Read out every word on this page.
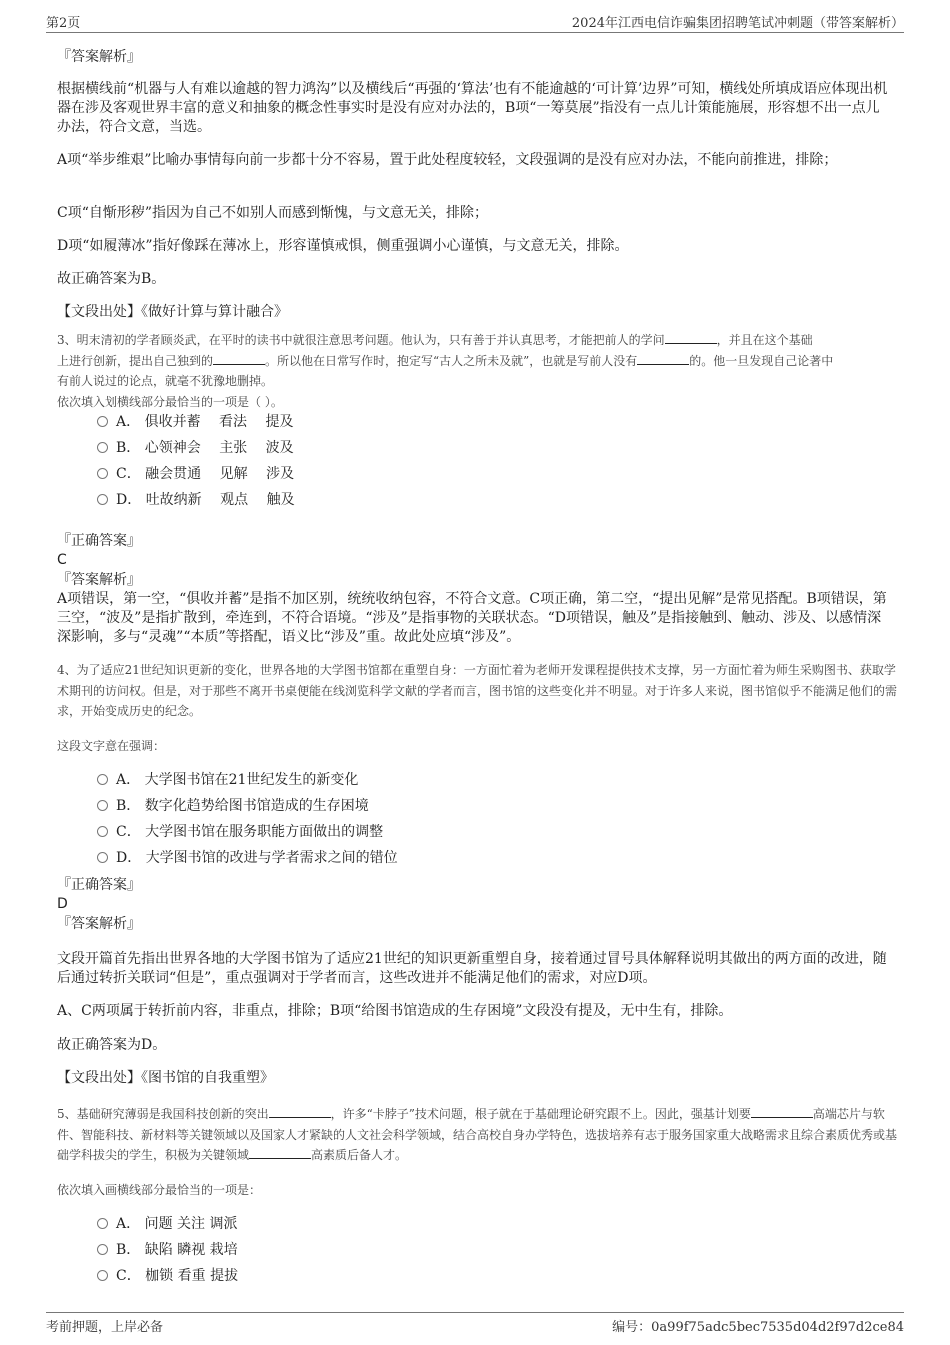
第2页	2024年江西电信诈骗集团招聘笔试冲刺题（带答案解析）
『答案解析』
根据横线前“机器与人有难以逾越的智力鸿沟”以及横线后“再强的‘算法’也有不能逾越的‘可计算’边界”可知，横线处所填成语应体现出机器在涉及客观世界丰富的意义和抽象的概念性事实时是没有应对办法的，B项“一筹莫展”指没有一点儿计策能施展，形容想不出一点儿办法，符合文意，当选。
A项“举步维艰”比喻办事情每向前一步都十分不容易，置于此处程度较轻，文段强调的是没有应对办法，不能向前推进，排除；
C项“自惭形秽”指因为自己不如别人而感到惭愧，与文意无关，排除；
D项“如履薄冰”指好像踩在薄冰上，形容谨慎戒惧，侧重强调小心谨慎，与文意无关，排除。
故正确答案为B。
【文段出处】《做好计算与算计融合》
3、明末清初的学者顾炎武，在平时的读书中就很注意思考问题。他认为，只有善于并认真思考，才能把前人的学问	，并且在这个基础
上进行创新，提出自己独到的	。所以他在日常写作时，抱定写“古人之所未及就”，也就是写前人没有	的。他一旦发现自己论著中
有前人说过的论点，就毫不犹豫地删掉。
依次填入划横线部分最恰当的一项是（ ）。
A． 俱收并蓄　 看法　 提及
B． 心领神会　 主张　 波及
C． 融会贯通　 见解　 涉及
D． 吐故纳新　 观点　 触及
『正确答案』
C
『答案解析』
A项错误，第一空，“俱收并蓄”是指不加区别，统统收纳包容，不符合文意。C项正确，第二空，“提出见解”是常见搭配。B项错误，第三空，“波及”是指扩散到，牵连到，不符合语境。“涉及”是指事物的关联状态。“D项错误，触及”是指接触到、触动、涉及、以感情深深影响，多与“灵魂”“本质”等搭配，语义比“涉及”重。故此处应填“涉及”。
4、为了适应21世纪知识更新的变化，世界各地的大学图书馆都在重塑自身：一方面忙着为老师开发课程提供技术支撑，另一方面忙着为师生采购图书、获取学术期刊的访问权。但是，对于那些不离开书桌便能在线浏览科学文献的学者而言，图书馆的这些变化并不明显。对于许多人来说，图书馆似乎不能满足他们的需求，开始变成历史的纪念。
这段文字意在强调：
A． 大学图书馆在21世纪发生的新变化
B． 数字化趋势给图书馆造成的生存困境
C． 大学图书馆在服务职能方面做出的调整
D． 大学图书馆的改进与学者需求之间的错位
『正确答案』
D
『答案解析』
文段开篇首先指出世界各地的大学图书馆为了适应21世纪的知识更新重塑自身，接着通过冒号具体解释说明其做出的两方面的改进，随后通过转折关联词“但是”，重点强调对于学者而言，这些改进并不能满足他们的需求，对应D项。
A、C两项属于转折前内容，非重点，排除；B项“给图书馆造成的生存困境”文段没有提及，无中生有，排除。
故正确答案为D。
【文段出处】《图书馆的自我重塑》
5、基础研究薄弱是我国科技创新的突出	，许多“卡脖子”技术问题，根子就在于基础理论研究跟不上。因此，强基计划要	高端芯片与软件、智能科技、新材料等关键领域以及国家人才紧缺的人文社会科学领域，结合高校自身办学特色，选拔培养有志于服务国家重大战略需求且综合素质优秀或基础学科拔尖的学生，积极为关键领域	高素质后备人才。
依次填入画横线部分最恰当的一项是：
A． 问题 关注 调派
B． 缺陷 瞵视 栽培
C． 枷锁 看重 提拔
考前押题，上岸必备	编号：0a99f75adc5bec7535d04d2f97d2ce84
